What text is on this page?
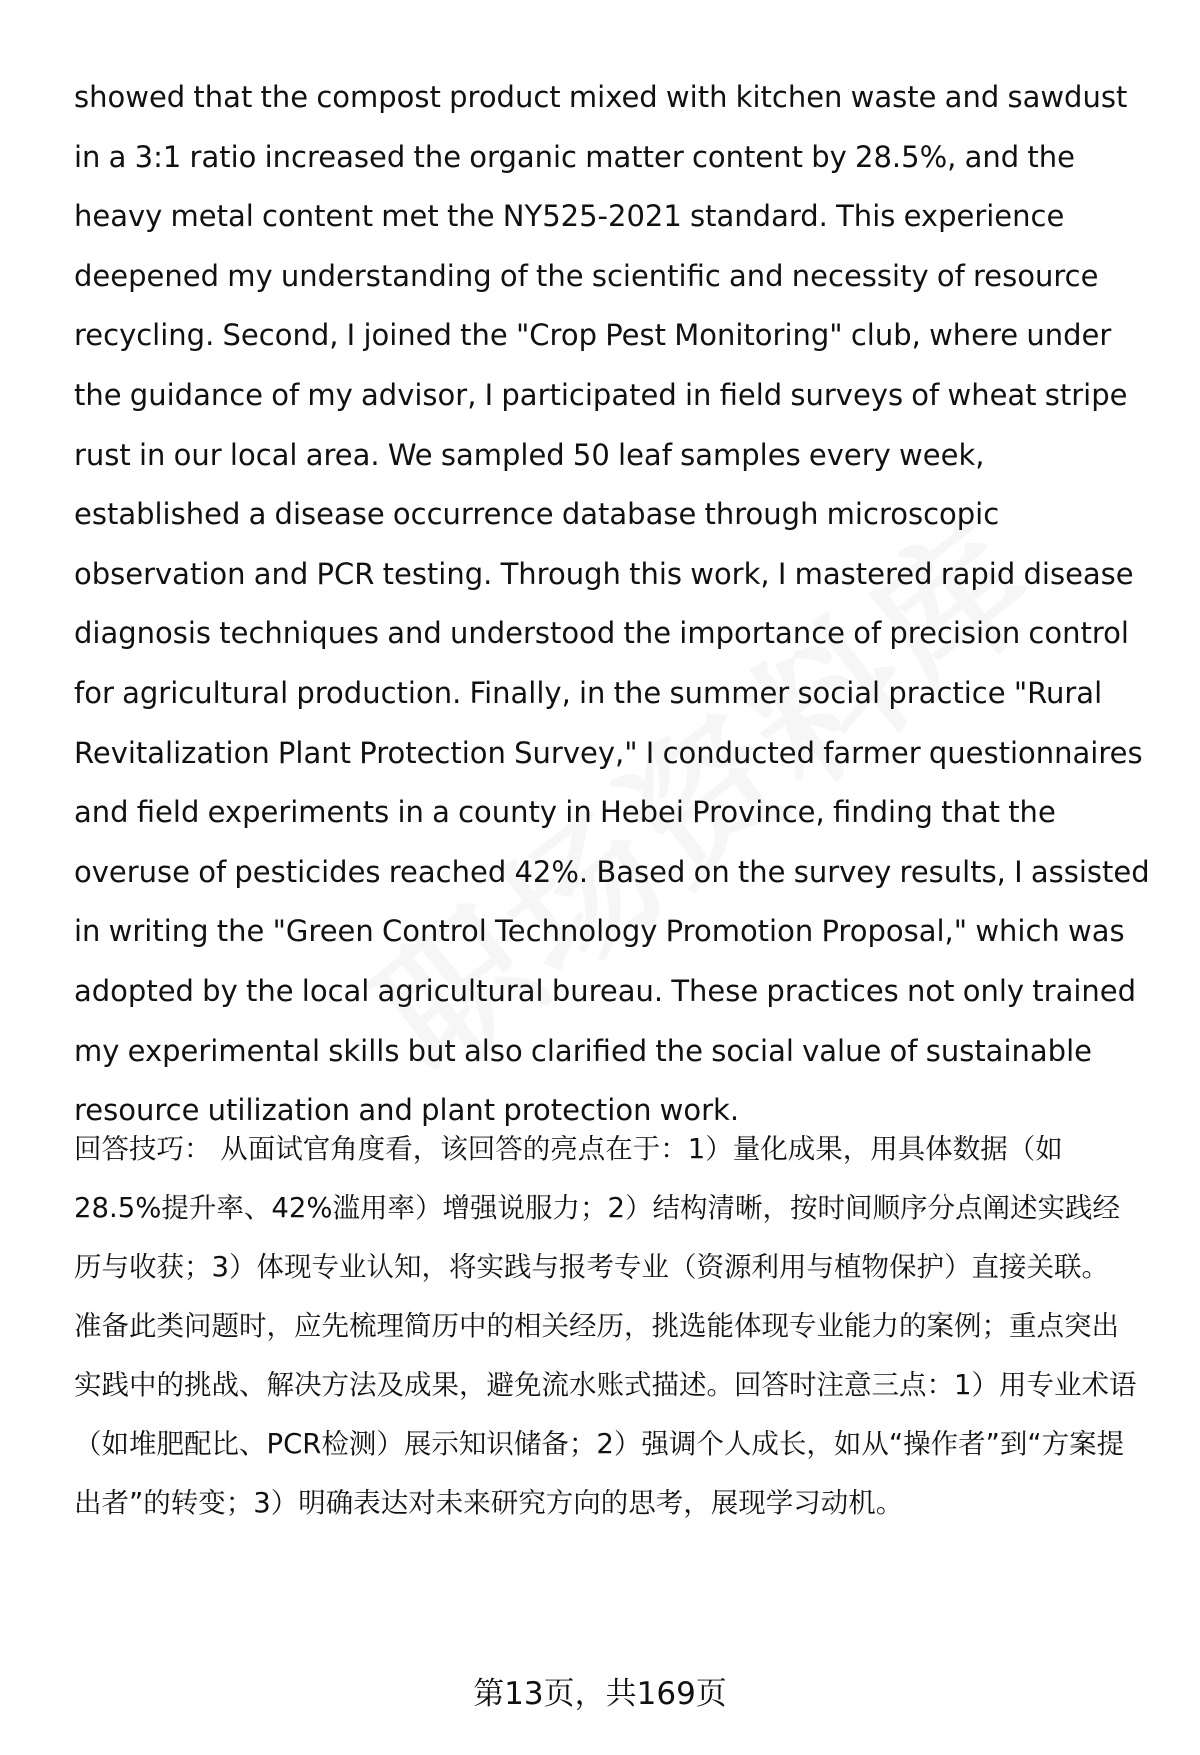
showed that the compost product mixed with kitchen waste and sawdust in a 3:1 ratio increased the organic matter content by 28.5%, and the heavy metal content met the NY525-2021 standard. This experience deepened my understanding of the scientific and necessity of resource recycling. Second, I joined the "Crop Pest Monitoring" club, where under the guidance of my advisor, I participated in field surveys of wheat stripe rust in our local area. We sampled 50 leaf samples every week, established a disease occurrence database through microscopic observation and PCR testing. Through this work, I mastered rapid disease diagnosis techniques and understood the importance of precision control for agricultural production. Finally, in the summer social practice "Rural Revitalization Plant Protection Survey," I conducted farmer questionnaires and field experiments in a county in Hebei Province, finding that the overuse of pesticides reached 42%. Based on the survey results, I assisted in writing the "Green Control Technology Promotion Proposal," which was adopted by the local agricultural bureau. These practices not only trained my experimental skills but also clarified the social value of sustainable resource utilization and plant protection work.

回答技巧： 从面试官角度看，该回答的亮点在于：1）量化成果，用具体数据（如28.5%提升率、42%滥用率）增强说服力；2）结构清晰，按时间顺序分点阐述实践经历与收获；3）体现专业认知，将实践与报考专业（资源利用与植物保护）直接关联。

准备此类问题时，应先梳理简历中的相关经历，挑选能体现专业能力的案例；重点突出实践中的挑战、解决方法及成果，避免流水账式描述。回答时注意三点：1）用专业术语（如堆肥配比、PCR检测）展示知识储备；2）强调个人成长，如从“操作者”到“方案提出者”的转变；3）明确表达对未来研究方向的思考，展现学习动机。

第13页，共169页
